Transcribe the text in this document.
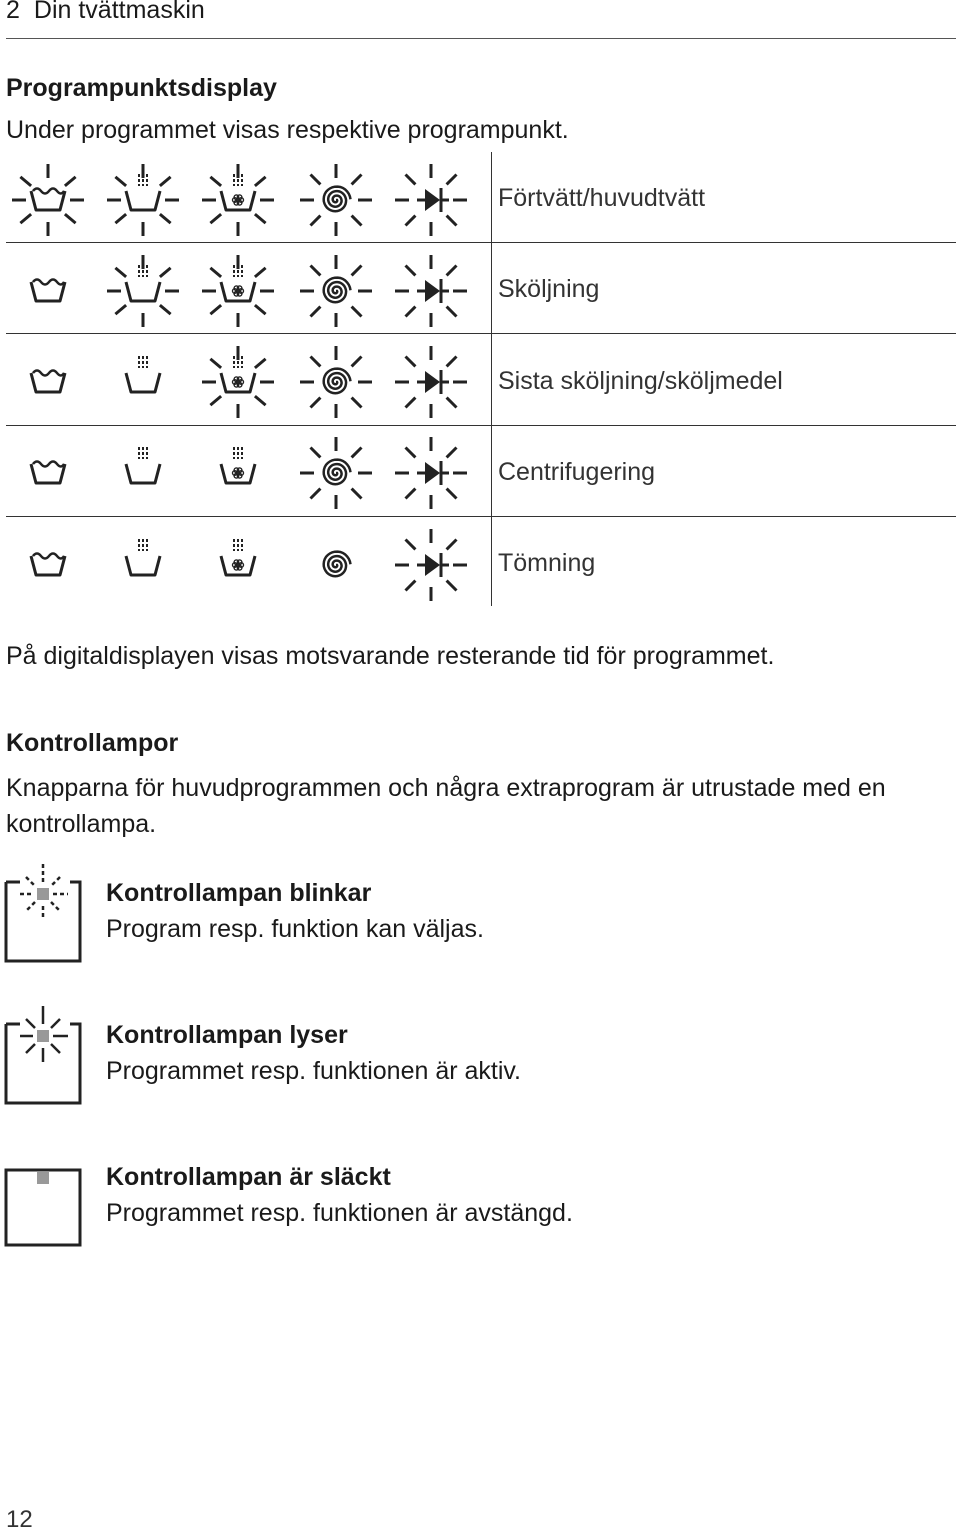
2 Din tvättmaskin
Programpunktsdisplay
Under programmet visas respektive programpunkt.
Förtvätt/huvudtvätt
Sköljning
Sista sköljning/sköljmedel
Centrifugering
Tömning
På digitaldisplayen visas motsvarande resterande tid för programmet.
Kontrollampor
Knapparna för huvudprogrammen och några extraprogram är utrustade med en kontrollampa.
Kontrollampan blinkar
Program resp. funktion kan väljas.
Kontrollampan lyser
Programmet resp. funktionen är aktiv.
Kontrollampan är släckt
Programmet resp. funktionen är avstängd.
12
